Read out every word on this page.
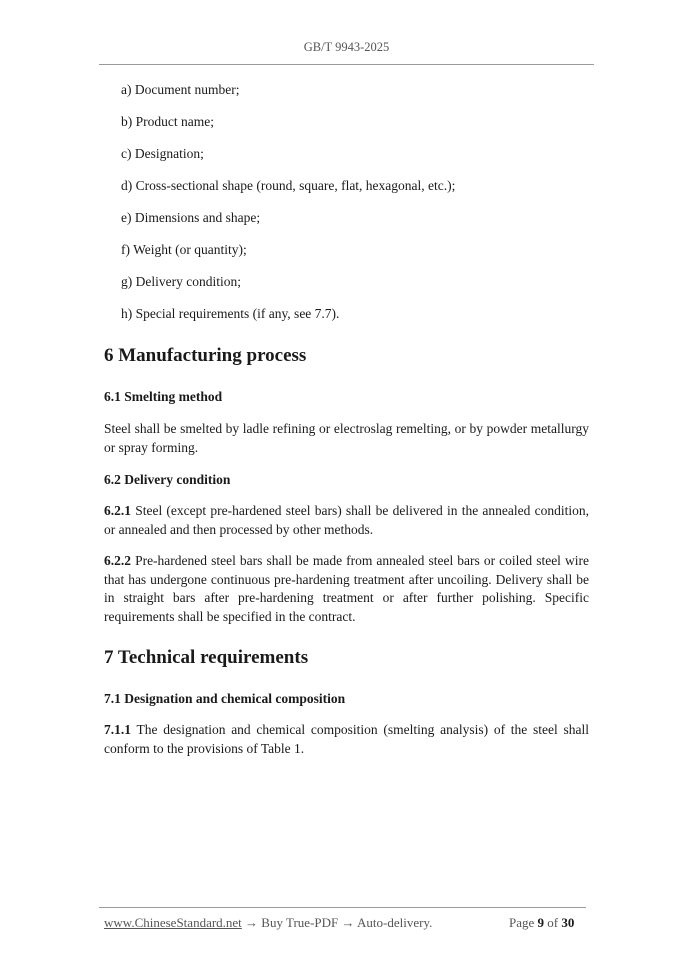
GB/T 9943-2025
a) Document number;
b) Product name;
c) Designation;
d) Cross-sectional shape (round, square, flat, hexagonal, etc.);
e) Dimensions and shape;
f) Weight (or quantity);
g) Delivery condition;
h) Special requirements (if any, see 7.7).
6 Manufacturing process
6.1 Smelting method

Steel shall be smelted by ladle refining or electroslag remelting, or by powder metallurgy or spray forming.

6.2 Delivery condition

6.2.1 Steel (except pre-hardened steel bars) shall be delivered in the annealed condition, or annealed and then processed by other methods.

6.2.2 Pre-hardened steel bars shall be made from annealed steel bars or coiled steel wire that has undergone continuous pre-hardening treatment after uncoiling. Delivery shall be in straight bars after pre-hardening treatment or after further polishing. Specific requirements shall be specified in the contract.

7 Technical requirements
7.1 Designation and chemical composition

7.1.1 The designation and chemical composition (smelting analysis) of the steel shall conform to the provisions of Table 1.

www.ChineseStandard.net → Buy True-PDF → Auto-delivery.	Page 9 of 30
